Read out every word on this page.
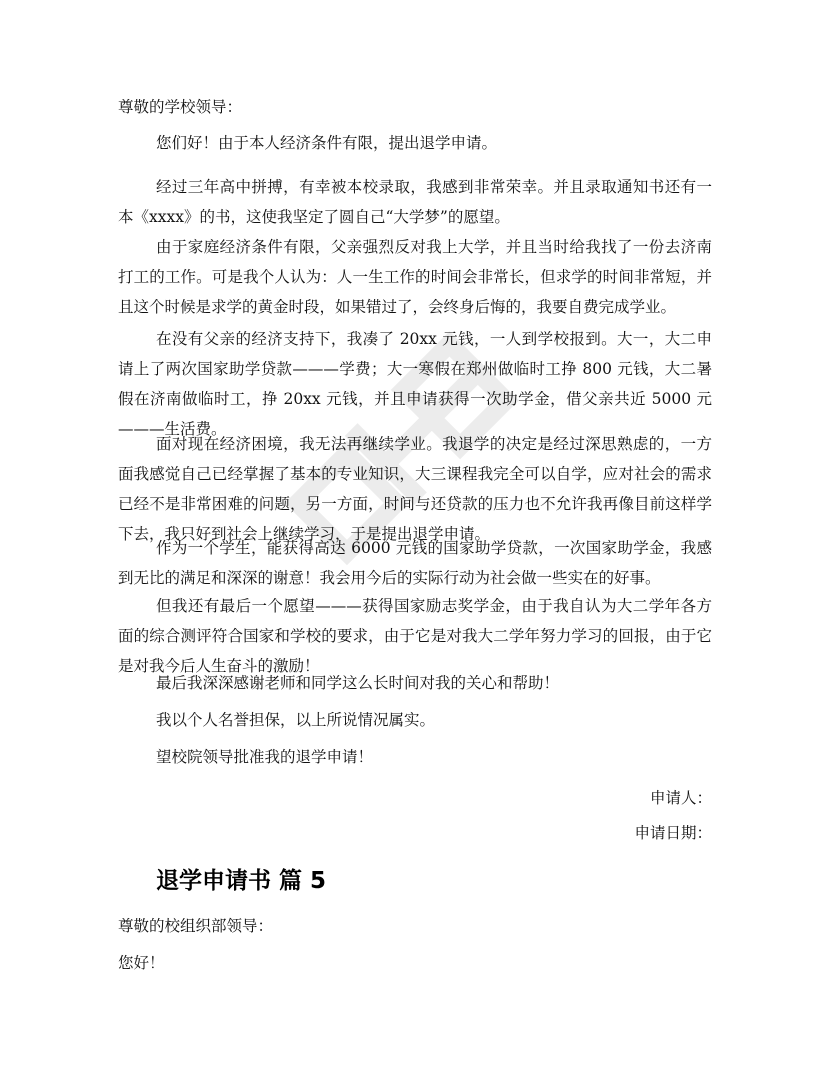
尊敬的学校领导：

您们好！由于本人经济条件有限，提出退学申请。

经过三年高中拼搏，有幸被本校录取，我感到非常荣幸。并且录取通知书还有一本《xxxx》的书，这使我坚定了圆自己“大学梦”的愿望。

由于家庭经济条件有限，父亲强烈反对我上大学，并且当时给我找了一份去济南打工的工作。可是我个人认为：人一生工作的时间会非常长，但求学的时间非常短，并且这个时候是求学的黄金时段，如果错过了，会终身后悔的，我要自费完成学业。

在没有父亲的经济支持下，我凑了 20xx 元钱，一人到学校报到。大一，大二申请上了两次国家助学贷款———学费；大一寒假在郑州做临时工挣 800 元钱，大二暑假在济南做临时工，挣 20xx 元钱，并且申请获得一次助学金，借父亲共近 5000 元———生活费。

面对现在经济困境，我无法再继续学业。我退学的决定是经过深思熟虑的，一方面我感觉自己已经掌握了基本的专业知识，大三课程我完全可以自学，应对社会的需求已经不是非常困难的问题，另一方面，时间与还贷款的压力也不允许我再像目前这样学下去，我只好到社会上继续学习，于是提出退学申请。

作为一个学生，能获得高达 6000 元钱的国家助学贷款，一次国家助学金，我感到无比的满足和深深的谢意！我会用今后的实际行动为社会做一些实在的好事。

但我还有最后一个愿望———获得国家励志奖学金，由于我自认为大二学年各方面的综合测评符合国家和学校的要求，由于它是对我大二学年努力学习的回报，由于它是对我今后人生奋斗的激励！

最后我深深感谢老师和同学这么长时间对我的关心和帮助！

我以个人名誉担保，以上所说情况属实。

望校院领导批准我的退学申请！

申请人：

申请日期：

退学申请书 篇 5

尊敬的校组织部领导：

您好！
